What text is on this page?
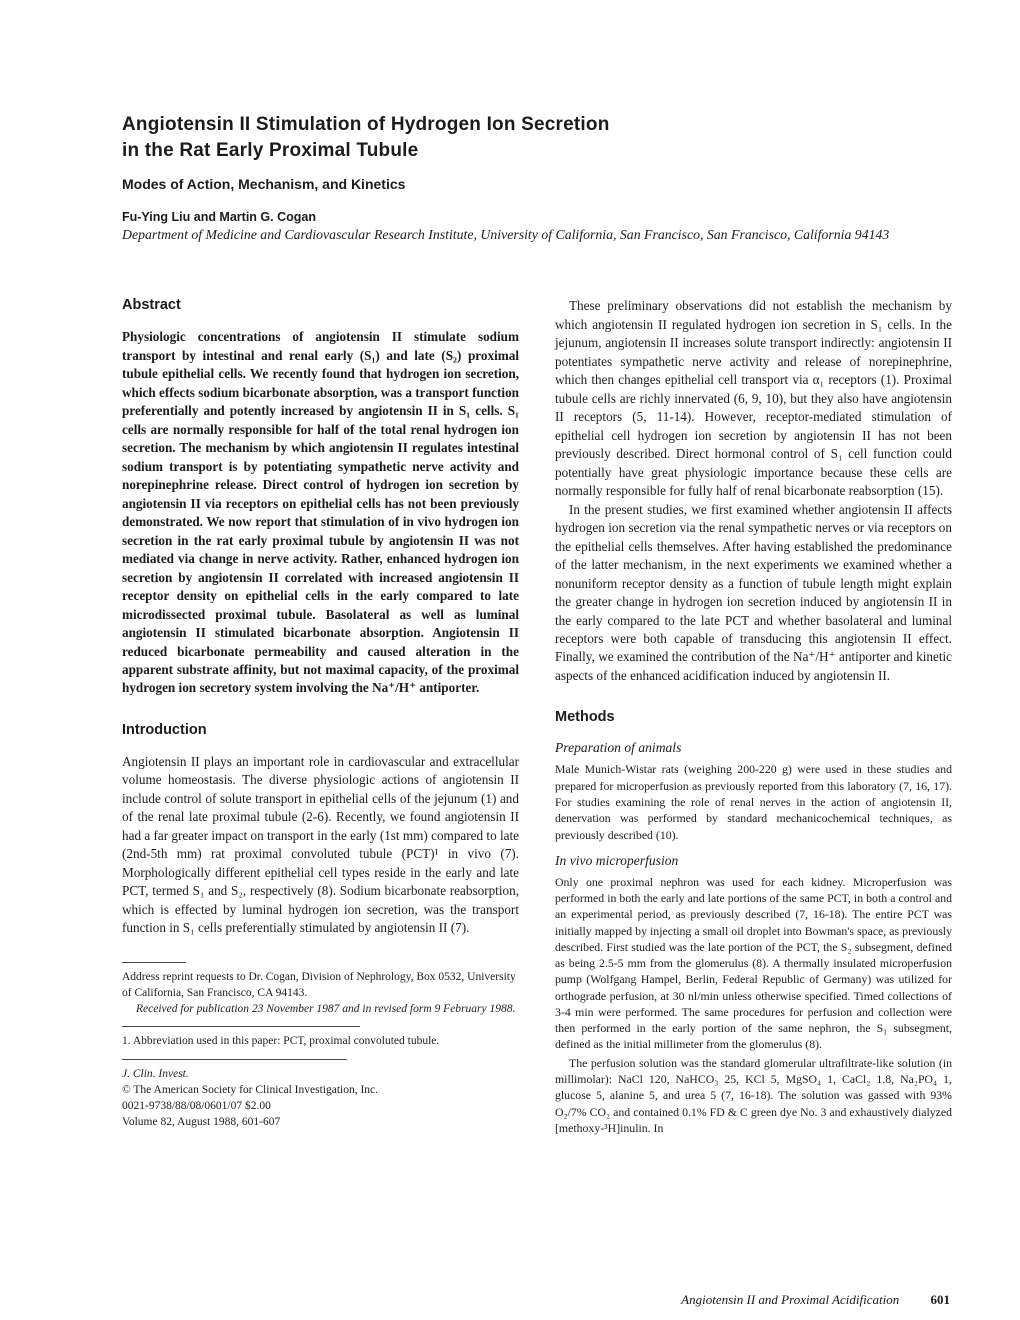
Angiotensin II Stimulation of Hydrogen Ion Secretion
in the Rat Early Proximal Tubule
Modes of Action, Mechanism, and Kinetics
Fu-Ying Liu and Martin G. Cogan
Department of Medicine and Cardiovascular Research Institute, University of California, San Francisco, San Francisco, California 94143
Abstract

Physiologic concentrations of angiotensin II stimulate sodium transport by intestinal and renal early (S₁) and late (S₂) proximal tubule epithelial cells. We recently found that hydrogen ion secretion, which effects sodium bicarbonate absorption, was a transport function preferentially and potently increased by angiotensin II in S₁ cells. S₁ cells are normally responsible for half of the total renal hydrogen ion secretion. The mechanism by which angiotensin II regulates intestinal sodium transport is by potentiating sympathetic nerve activity and norepinephrine release. Direct control of hydrogen ion secretion by angiotensin II via receptors on epithelial cells has not been previously demonstrated. We now report that stimulation of in vivo hydrogen ion secretion in the rat early proximal tubule by angiotensin II was not mediated via change in nerve activity. Rather, enhanced hydrogen ion secretion by angiotensin II correlated with increased angiotensin II receptor density on epithelial cells in the early compared to late microdissected proximal tubule. Basolateral as well as luminal angiotensin II stimulated bicarbonate absorption. Angiotensin II reduced bicarbonate permeability and caused alteration in the apparent substrate affinity, but not maximal capacity, of the proximal hydrogen ion secretory system involving the Na⁺/H⁺ antiporter.

Introduction

Angiotensin II plays an important role in cardiovascular and extracellular volume homeostasis. The diverse physiologic actions of angiotensin II include control of solute transport in epithelial cells of the jejunum (1) and of the renal late proximal tubule (2-6). Recently, we found angiotensin II had a far greater impact on transport in the early (1st mm) compared to late (2nd-5th mm) rat proximal convoluted tubule (PCT)¹ in vivo (7). Morphologically different epithelial cell types reside in the early and late PCT, termed S₁ and S₂, respectively (8). Sodium bicarbonate reabsorption, which is effected by luminal hydrogen ion secretion, was the transport function in S₁ cells preferentially stimulated by angiotensin II (7).

Address reprint requests to Dr. Cogan, Division of Nephrology, Box 0532, University of California, San Francisco, CA 94143.

Received for publication 23 November 1987 and in revised form 9 February 1988.

1. Abbreviation used in this paper: PCT, proximal convoluted tubule.

J. Clin. Invest.

© The American Society for Clinical Investigation, Inc.

0021-9738/88/08/0601/07 $2.00

Volume 82, August 1988, 601-607

These preliminary observations did not establish the mechanism by which angiotensin II regulated hydrogen ion secretion in S₁ cells. In the jejunum, angiotensin II increases solute transport indirectly: angiotensin II potentiates sympathetic nerve activity and release of norepinephrine, which then changes epithelial cell transport via α₁ receptors (1). Proximal tubule cells are richly innervated (6, 9, 10), but they also have angiotensin II receptors (5, 11-14). However, receptor-mediated stimulation of epithelial cell hydrogen ion secretion by angiotensin II has not been previously described. Direct hormonal control of S₁ cell function could potentially have great physiologic importance because these cells are normally responsible for fully half of renal bicarbonate reabsorption (15).

In the present studies, we first examined whether angiotensin II affects hydrogen ion secretion via the renal sympathetic nerves or via receptors on the epithelial cells themselves. After having established the predominance of the latter mechanism, in the next experiments we examined whether a nonuniform receptor density as a function of tubule length might explain the greater change in hydrogen ion secretion induced by angiotensin II in the early compared to the late PCT and whether basolateral and luminal receptors were both capable of transducing this angiotensin II effect. Finally, we examined the contribution of the Na⁺/H⁺ antiporter and kinetic aspects of the enhanced acidification induced by angiotensin II.

Methods
Preparation of animals

Male Munich-Wistar rats (weighing 200-220 g) were used in these studies and prepared for microperfusion as previously reported from this laboratory (7, 16, 17). For studies examining the role of renal nerves in the action of angiotensin II, denervation was performed by standard mechanicochemical techniques, as previously described (10).

In vivo microperfusion

Only one proximal nephron was used for each kidney. Microperfusion was performed in both the early and late portions of the same PCT, in both a control and an experimental period, as previously described (7, 16-18). The entire PCT was initially mapped by injecting a small oil droplet into Bowman's space, as previously described. First studied was the late portion of the PCT, the S₂ subsegment, defined as being 2.5-5 mm from the glomerulus (8). A thermally insulated microperfusion pump (Wolfgang Hampel, Berlin, Federal Republic of Germany) was utilized for orthograde perfusion, at 30 nl/min unless otherwise specified. Timed collections of 3-4 min were performed. The same procedures for perfusion and collection were then performed in the early portion of the same nephron, the S₁ subsegment, defined as the initial millimeter from the glomerulus (8).

The perfusion solution was the standard glomerular ultrafiltrate-like solution (in millimolar): NaCl 120, NaHCO₃ 25, KCl 5, MgSO₄ 1, CaCl₂ 1.8, Na₂PO₄ 1, glucose 5, alanine 5, and urea 5 (7, 16-18). The solution was gassed with 93% O₂/7% CO₂ and contained 0.1% FD & C green dye No. 3 and exhaustively dialyzed [methoxy-³H]inulin. In

Angiotensin II and Proximal Acidification 601
